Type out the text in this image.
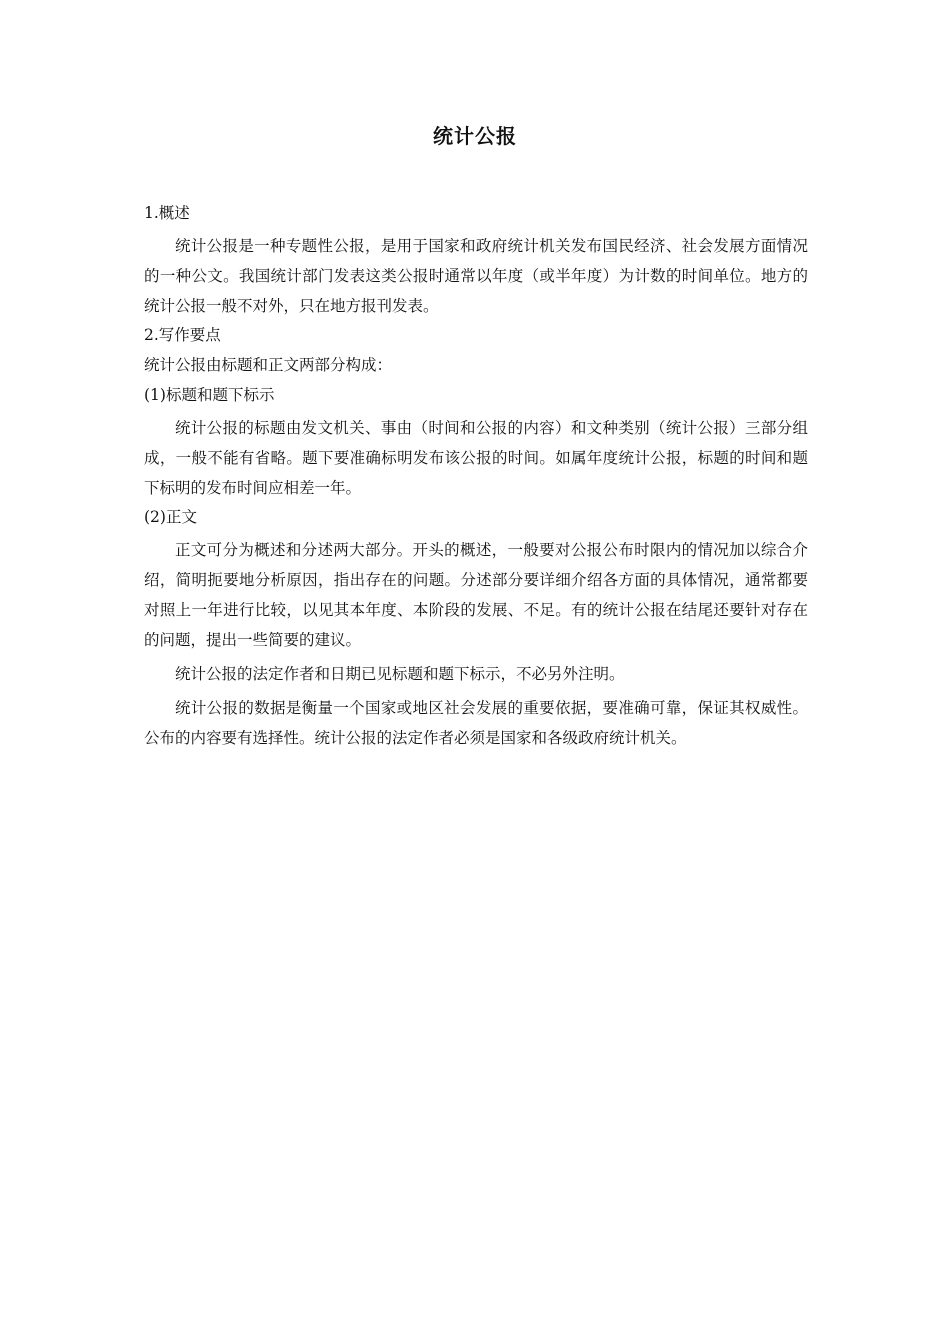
统计公报

1.概述

统计公报是一种专题性公报，是用于国家和政府统计机关发布国民经济、社会发展方面情况的一种公文。我国统计部门发表这类公报时通常以年度（或半年度）为计数的时间单位。地方的统计公报一般不对外，只在地方报刊发表。

2.写作要点

统计公报由标题和正文两部分构成：

(1)标题和题下标示

统计公报的标题由发文机关、事由（时间和公报的内容）和文种类别（统计公报）三部分组成，一般不能有省略。题下要准确标明发布该公报的时间。如属年度统计公报，标题的时间和题下标明的发布时间应相差一年。

(2)正文

正文可分为概述和分述两大部分。开头的概述，一般要对公报公布时限内的情况加以综合介绍，简明扼要地分析原因，指出存在的问题。分述部分要详细介绍各方面的具体情况，通常都要对照上一年进行比较，以见其本年度、本阶段的发展、不足。有的统计公报在结尾还要针对存在的问题，提出一些简要的建议。

统计公报的法定作者和日期已见标题和题下标示，不必另外注明。

统计公报的数据是衡量一个国家或地区社会发展的重要依据，要准确可靠，保证其权威性。公布的内容要有选择性。统计公报的法定作者必须是国家和各级政府统计机关。
